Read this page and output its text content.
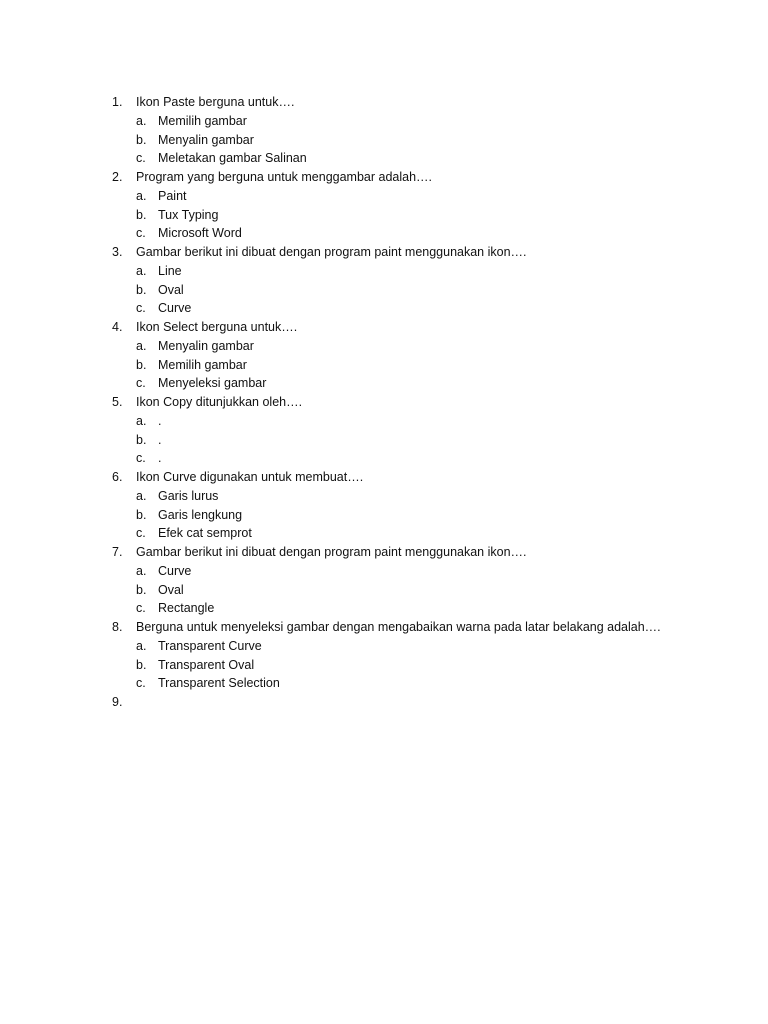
1.	Ikon Paste berguna untuk….
a. Memilih gambar
b. Menyalin gambar
c. Meletakan gambar Salinan
2.	Program yang berguna untuk menggambar adalah….
a. Paint
b. Tux Typing
c. Microsoft Word
3.	Gambar berikut ini dibuat dengan program paint menggunakan ikon….
a. Line
b. Oval
c. Curve
4.	Ikon Select berguna untuk….
a. Menyalin gambar
b. Memilih gambar
c. Menyeleksi gambar
5.	Ikon Copy ditunjukkan oleh….
a. .
b. .
c. .
6.	Ikon Curve digunakan untuk membuat….
a. Garis lurus
b. Garis lengkung
c. Efek cat semprot
7.	Gambar berikut ini dibuat dengan program paint menggunakan ikon….
a. Curve
b. Oval
c. Rectangle
8.	Berguna untuk menyeleksi gambar dengan mengabaikan warna pada latar belakang adalah….
a. Transparent Curve
b. Transparent Oval
c. Transparent Selection
9.
